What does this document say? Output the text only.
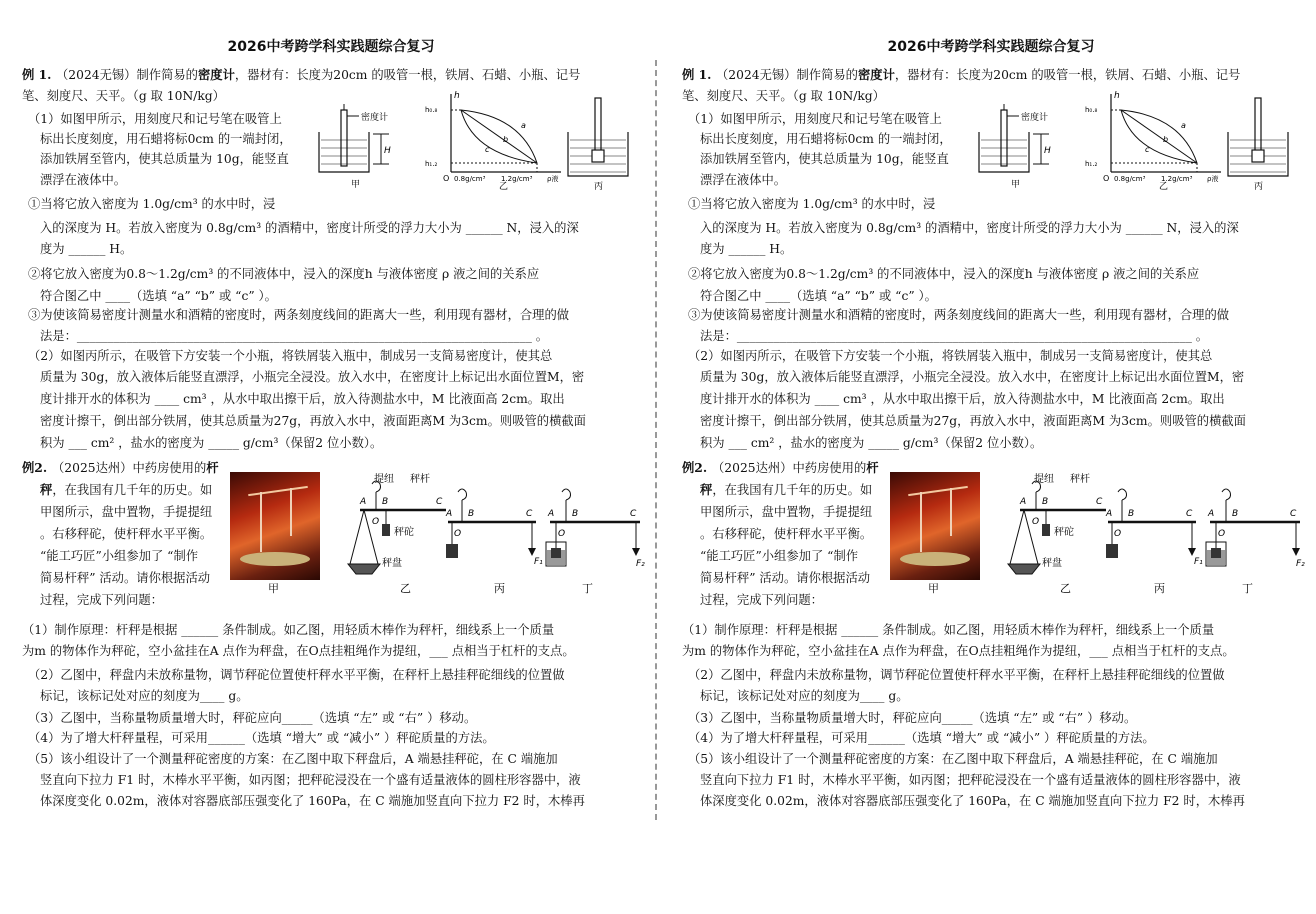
2026中考跨学科实践题综合复习
例 1. （2024无锡）制作简易的密度计，器材有：长度为20cm 的吸管一根，铁屑、石蜡、小瓶、记号
笔、刻度尺、天平。（g 取 10N/kg）
（1）如图甲所示，用刻度尺和记号笔在吸管上
标出长度刻度，用石蜡将标0cm 的一端封闭，
添加铁屑至管内，使其总质量为 10g，能竖直
漂浮在液体中。
密度计
H
甲
h
h₀.₈
h₁.₂
a
b
c
O 0.8g/cm³ 1.2g/cm³ ρ液
乙	丙
①当将它放入密度为 1.0g/cm³ 的水中时，浸
入的深度为 H。若放入密度为 0.8g/cm³ 的酒精中，密度计所受的浮力大小为 ______ N，浸入的深
度为 ______ H。
②将它放入密度为0.8～1.2g/cm³ 的不同液体中，浸入的深度h 与液体密度 ρ 液之间的关系应
符合图乙中 ____（选填 “a” “b” 或 “c” ）。
③为使该简易密度计测量水和酒精的密度时，两条刻度线间的距离大一些，利用现有器材，合理的做
法是：__________________________________________________________________________ 。
（2）如图丙所示，在吸管下方安装一个小瓶，将铁屑装入瓶中，制成另一支简易密度计，使其总
质量为 30g，放入液体后能竖直漂浮，小瓶完全浸没。放入水中，在密度计上标记出水面位置M，密
度计排开水的体积为 ____ cm³ ，从水中取出擦干后，放入待测盐水中，M 比液面高 2cm。取出
密度计擦干，倒出部分铁屑，使其总质量为27g，再放入水中，液面距离M 为3cm。则吸管的横截面
积为 ___ cm² ，盐水的密度为 _____ g/cm³（保留2 位小数）。
例2. （2025达州）中药房使用的杆
秤，在我国有几千年的历史。如
甲图所示，盘中置物，手提提纽
。右移秤砣，使杆秤水平平衡。
“能工巧匠”小组参加了 “制作
简易杆秤” 活动。请你根据活动
过程，完成下列问题：
甲
提纽 秤杆
A B	C
O
秤砣
秤盘
乙
A B	C
O
F₁
丙
A B	C
O
F₂
丁
（1）制作原理：杆秤是根据 ______ 条件制成。如乙图，用轻质木棒作为秤杆，细线系上一个质量
为m 的物体作为秤砣，空小盆挂在A 点作为秤盘，在O点挂粗绳作为提纽，___ 点相当于杠杆的支点。
（2）乙图中，秤盘内未放称量物，调节秤砣位置使杆秤水平平衡，在秤杆上悬挂秤砣细线的位置做
标记，该标记处对应的刻度为____ g。
（3）乙图中，当称量物质量增大时，秤砣应向_____（选填 “左” 或 “右” ）移动。
（4）为了增大杆秤量程，可采用______（选填 “增大” 或 “减小” ）秤砣质量的方法。
（5）该小组设计了一个测量秤砣密度的方案：在乙图中取下秤盘后，A 端悬挂秤砣，在 C 端施加
竖直向下拉力 F1 时，木棒水平平衡，如丙图；把秤砣浸没在一个盛有适量液体的圆柱形容器中，液
体深度变化 0.02m，液体对容器底部压强变化了 160Pa，在 C 端施加竖直向下拉力 F2 时，木棒再
2026中考跨学科实践题综合复习
例 1. （2024无锡）制作简易的密度计，器材有：长度为20cm 的吸管一根，铁屑、石蜡、小瓶、记号
笔、刻度尺、天平。（g 取 10N/kg）
（1）如图甲所示，用刻度尺和记号笔在吸管上
标出长度刻度，用石蜡将标0cm 的一端封闭，
添加铁屑至管内，使其总质量为 10g，能竖直
漂浮在液体中。
密度计
H
甲
h
h₀.₈
h₁.₂
a
b
c
O 0.8g/cm³ 1.2g/cm³ ρ液
乙	丙
①当将它放入密度为 1.0g/cm³ 的水中时，浸
入的深度为 H。若放入密度为 0.8g/cm³ 的酒精中，密度计所受的浮力大小为 ______ N，浸入的深
度为 ______ H。
②将它放入密度为0.8～1.2g/cm³ 的不同液体中，浸入的深度h 与液体密度 ρ 液之间的关系应
符合图乙中 ____（选填 “a” “b” 或 “c” ）。
③为使该简易密度计测量水和酒精的密度时，两条刻度线间的距离大一些，利用现有器材，合理的做
法是：__________________________________________________________________________ 。
（2）如图丙所示，在吸管下方安装一个小瓶，将铁屑装入瓶中，制成另一支简易密度计，使其总
质量为 30g，放入液体后能竖直漂浮，小瓶完全浸没。放入水中，在密度计上标记出水面位置M，密
度计排开水的体积为 ____ cm³ ，从水中取出擦干后，放入待测盐水中，M 比液面高 2cm。取出
密度计擦干，倒出部分铁屑，使其总质量为27g，再放入水中，液面距离M 为3cm。则吸管的横截面
积为 ___ cm² ，盐水的密度为 _____ g/cm³（保留2 位小数）。
例2. （2025达州）中药房使用的杆
秤，在我国有几千年的历史。如
甲图所示，盘中置物，手提提纽
。右移秤砣，使杆秤水平平衡。
“能工巧匠”小组参加了 “制作
简易杆秤” 活动。请你根据活动
过程，完成下列问题：
甲
提纽 秤杆
A B	C
O
秤砣
秤盘
乙
A B	C
O
F₁
丙
A B	C
O
F₂
丁
（1）制作原理：杆秤是根据 ______ 条件制成。如乙图，用轻质木棒作为秤杆，细线系上一个质量
为m 的物体作为秤砣，空小盆挂在A 点作为秤盘，在O点挂粗绳作为提纽，___ 点相当于杠杆的支点。
（2）乙图中，秤盘内未放称量物，调节秤砣位置使杆秤水平平衡，在秤杆上悬挂秤砣细线的位置做
标记，该标记处对应的刻度为____ g。
（3）乙图中，当称量物质量增大时，秤砣应向_____（选填 “左” 或 “右” ）移动。
（4）为了增大杆秤量程，可采用______（选填 “增大” 或 “减小” ）秤砣质量的方法。
（5）该小组设计了一个测量秤砣密度的方案：在乙图中取下秤盘后，A 端悬挂秤砣，在 C 端施加
竖直向下拉力 F1 时，木棒水平平衡，如丙图；把秤砣浸没在一个盛有适量液体的圆柱形容器中，液
体深度变化 0.02m，液体对容器底部压强变化了 160Pa，在 C 端施加竖直向下拉力 F2 时，木棒再
